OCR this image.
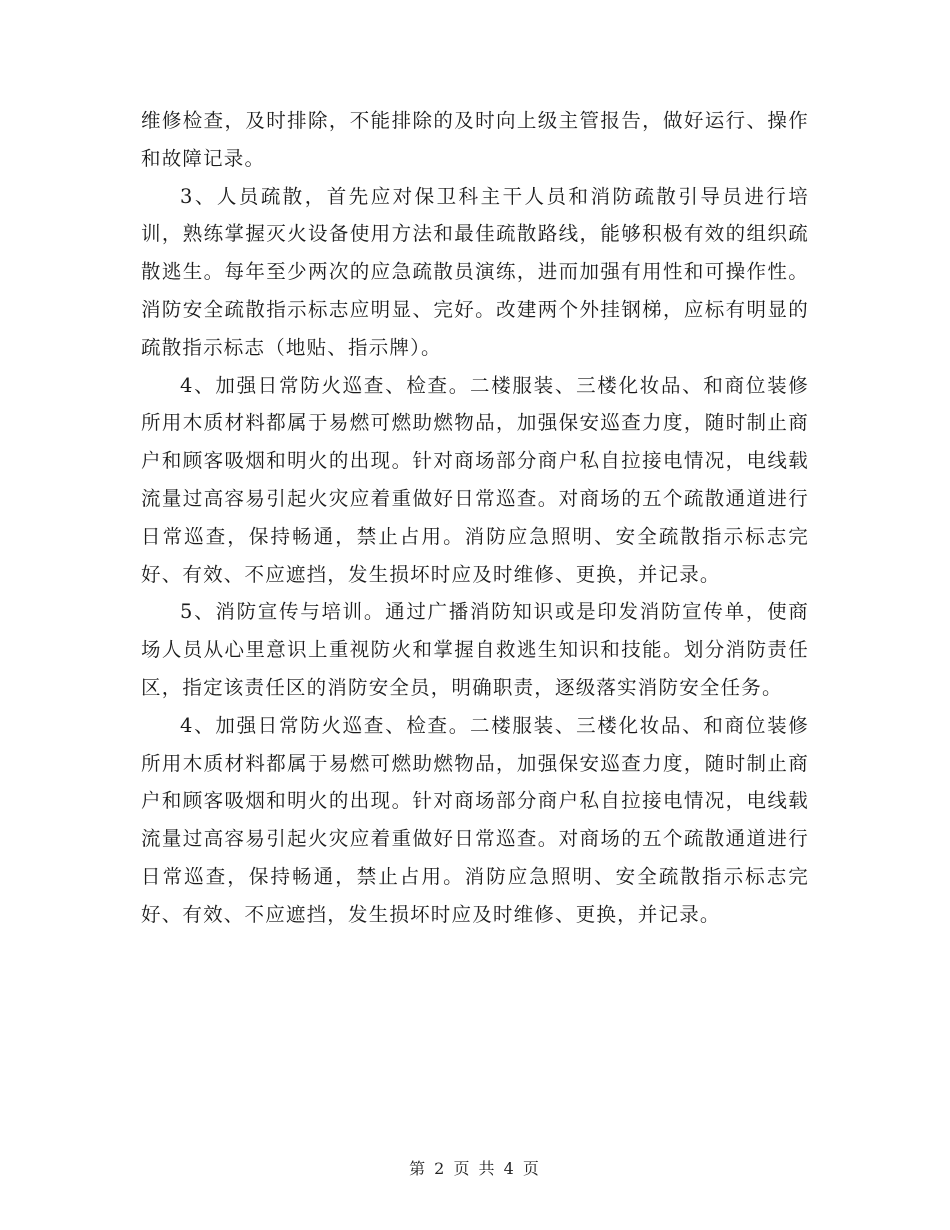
维修检查，及时排除，不能排除的及时向上级主管报告，做好运行、操作和故障记录。

3、人员疏散，首先应对保卫科主干人员和消防疏散引导员进行培训，熟练掌握灭火设备使用方法和最佳疏散路线，能够积极有效的组织疏散逃生。每年至少两次的应急疏散员演练，进而加强有用性和可操作性。消防安全疏散指示标志应明显、完好。改建两个外挂钢梯，应标有明显的疏散指示标志（地贴、指示牌）。

4、加强日常防火巡查、检查。二楼服装、三楼化妆品、和商位装修所用木质材料都属于易燃可燃助燃物品，加强保安巡查力度，随时制止商户和顾客吸烟和明火的出现。针对商场部分商户私自拉接电情况，电线载流量过高容易引起火灾应着重做好日常巡查。对商场的五个疏散通道进行日常巡查，保持畅通，禁止占用。消防应急照明、安全疏散指示标志完好、有效、不应遮挡，发生损坏时应及时维修、更换，并记录。

5、消防宣传与培训。通过广播消防知识或是印发消防宣传单，使商场人员从心里意识上重视防火和掌握自救逃生知识和技能。划分消防责任区，指定该责任区的消防安全员，明确职责，逐级落实消防安全任务。

4、加强日常防火巡查、检查。二楼服装、三楼化妆品、和商位装修所用木质材料都属于易燃可燃助燃物品，加强保安巡查力度，随时制止商户和顾客吸烟和明火的出现。针对商场部分商户私自拉接电情况，电线载流量过高容易引起火灾应着重做好日常巡查。对商场的五个疏散通道进行日常巡查，保持畅通，禁止占用。消防应急照明、安全疏散指示标志完好、有效、不应遮挡，发生损坏时应及时维修、更换，并记录。

第 2 页 共 4 页
